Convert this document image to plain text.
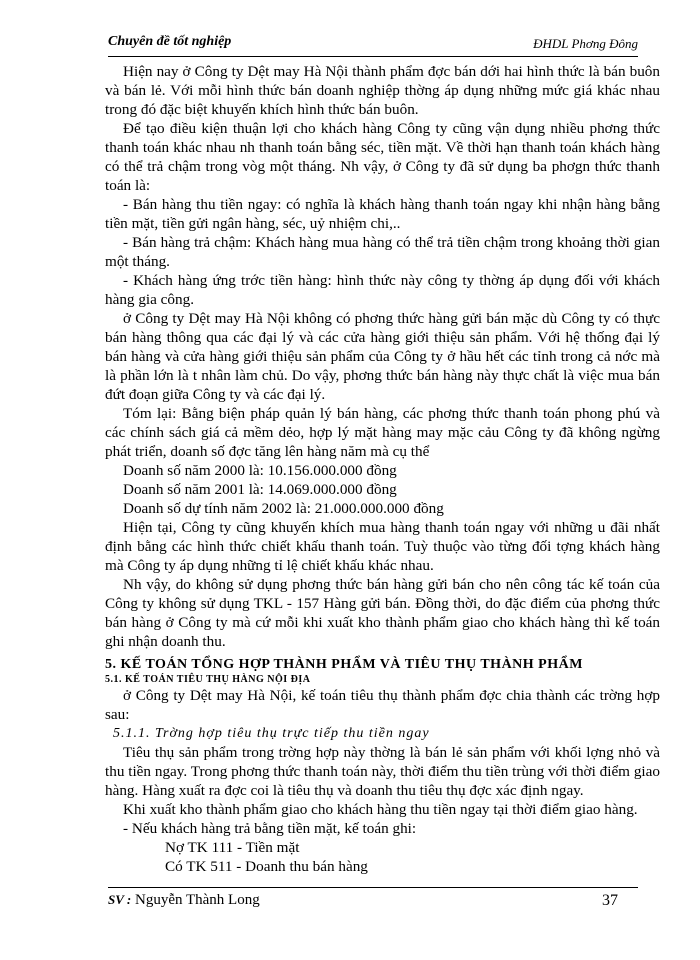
Chuyên đề tốt nghiệp	ĐHDL Phơng Đông

Hiện nay ở Công ty Dệt may Hà Nội thành phẩm đợc bán dới hai hình thức là bán buôn và bán lẻ. Với mỗi hình thức bán doanh nghiệp thờng áp dụng những mức giá khác nhau trong đó đặc biệt khuyến khích hình thức bán buôn.

Để tạo điều kiện thuận lợi cho khách hàng Công ty cũng vận dụng nhiều phơng thức thanh toán khác nhau nh thanh toán bằng séc, tiền mặt. Về thời hạn thanh toán khách hàng có thể trả chậm trong vòg một tháng. Nh vậy, ở Công ty đã sử dụng ba phơgn thức thanh toán là:

- Bán hàng thu tiền ngay: có nghĩa là khách hàng thanh toán ngay khi nhận hàng bằng tiền mặt, tiền gửi ngân hàng, séc, uỷ nhiệm chi,..

- Bán hàng trả chậm: Khách hàng mua hàng có thể trả tiền chậm trong khoảng thời gian một tháng.

- Khách hàng ứng trớc tiền hàng: hình thức này công ty thờng áp dụng đối với khách hàng gia công.

ở Công ty Dệt may Hà Nội không có phơng thức hàng gửi bán mặc dù Công ty có thực bán hàng thông qua các đại lý và các cửa hàng giới thiệu sản phẩm. Với hệ thống đại lý bán hàng và cửa hàng giới thiệu sản phẩm của Công ty ở hầu hết các tỉnh trong cả nớc mà là phần lớn là t nhân làm chủ. Do vậy, phơng thức bán hàng này thực chất là việc mua bán đứt đoạn giữa Công ty và các đại lý.

Tóm lại: Bằng biện pháp quản lý bán hàng, các phơng thức thanh toán phong phú và các chính sách giá cả mềm dẻo, hợp lý mặt hàng may mặc cảu Công ty đã không ngừng phát triển, doanh số đợc tăng lên hàng năm mà cụ thể

Doanh số năm 2000 là: 10.156.000.000 đồng

Doanh số năm 2001 là: 14.069.000.000 đồng

Doanh số dự tính năm 2002 là: 21.000.000.000 đồng

Hiện tại, Công ty cũng khuyến khích mua hàng thanh toán ngay với những u đãi nhất định bằng các hình thức chiết khấu thanh toán. Tuỳ thuộc vào từng đối tợng khách hàng mà Công ty áp dụng những tỉ lệ chiết khấu khác nhau.

Nh vậy, do không sử dụng phơng thức bán hàng gửi bán cho nên công tác kế toán của Công ty không sử dụng TKL - 157 Hàng gửi bán. Đồng thời, do đặc điểm của phơng thức bán hàng ở Công ty mà cứ mỗi khi xuất kho thành phẩm giao cho khách hàng thì kế toán ghi nhận doanh thu.

5. KẾ TOÁN TỔNG HỢP THÀNH PHẨM VÀ TIÊU THỤ THÀNH PHẨM

5.1. KẾ TOÁN TIÊU THỤ HÀNG NỘI ĐỊA

ở Công ty Dệt may Hà Nội, kế toán tiêu thụ thành phẩm đợc chia thành các trờng hợp sau:

5.1.1. Trờng hợp tiêu thụ trực tiếp thu tiền ngay

Tiêu thụ sản phẩm trong trờng hợp này thờng là bán lẻ sản phẩm với khối lợng nhỏ và thu tiền ngay. Trong phơng thức thanh toán này, thời điểm thu tiền trùng với thời điểm giao hàng. Hàng xuất ra đợc coi là tiêu thụ và doanh thu tiêu thụ đợc xác định ngay.

Khi xuất kho thành phẩm giao cho khách hàng thu tiền ngay tại thời điểm giao hàng.

- Nếu khách hàng trả bằng tiền mặt, kế toán ghi:

Nợ TK 111 - Tiền mặt

Có TK 511 - Doanh thu bán hàng

SV : Nguyễn Thành Long	37
